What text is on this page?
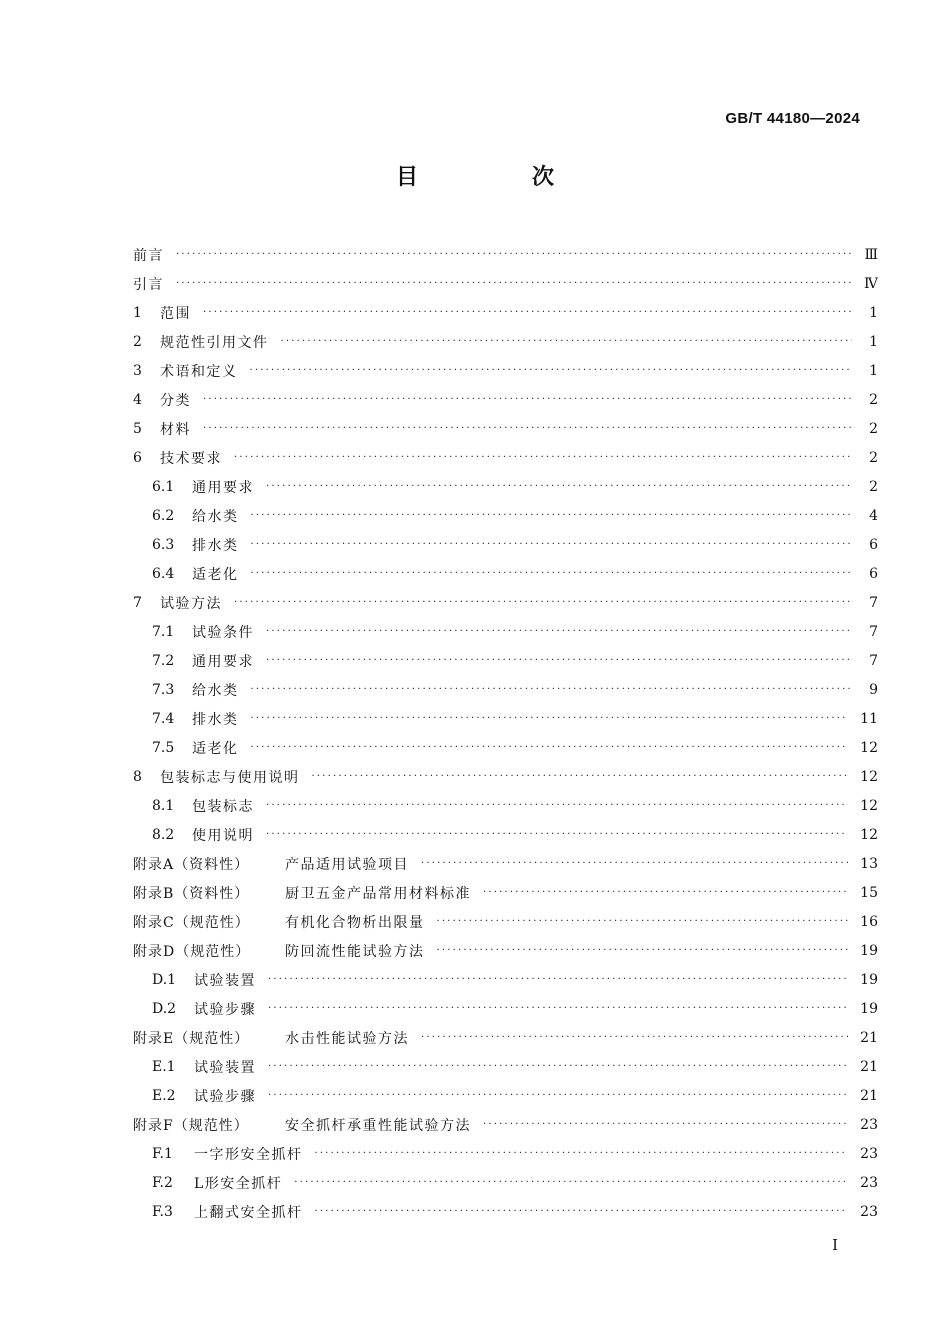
GB/T 44180—2024
目　次
前言 ·····	Ⅲ
引言 ·····	Ⅳ
1	范围 ·····	1
2	规范性引用文件 ·····	1
3	术语和定义 ·····	1
4	分类 ·····	2
5	材料 ·····	2
6	技术要求 ·····	2
6.1	通用要求 ·····	2
6.2	给水类 ·····	4
6.3	排水类 ·····	6
6.4	适老化 ·····	6
7	试验方法 ·····	7
7.1	试验条件 ·····	7
7.2	通用要求 ·····	7
7.3	给水类 ·····	9
7.4	排水类 ·····	11
7.5	适老化 ·····	12
8	包装标志与使用说明 ·····	12
8.1	包装标志 ·····	12
8.2	使用说明 ·····	12
附录A（资料性）	产品适用试验项目 ·····	13
附录B（资料性）	厨卫五金产品常用材料标准 ·····	15
附录C（规范性）	有机化合物析出限量 ·····	16
附录D（规范性）	防回流性能试验方法 ·····	19
D.1	试验装置 ·····	19
D.2	试验步骤 ·····	19
附录E（规范性）	水击性能试验方法 ·····	21
E.1	试验装置 ·····	21
E.2	试验步骤 ·····	21
附录F（规范性）	安全抓杆承重性能试验方法 ·····	23
F.1	一字形安全抓杆 ·····	23
F.2	L形安全抓杆 ·····	23
F.3	上翻式安全抓杆 ·····	23
I
